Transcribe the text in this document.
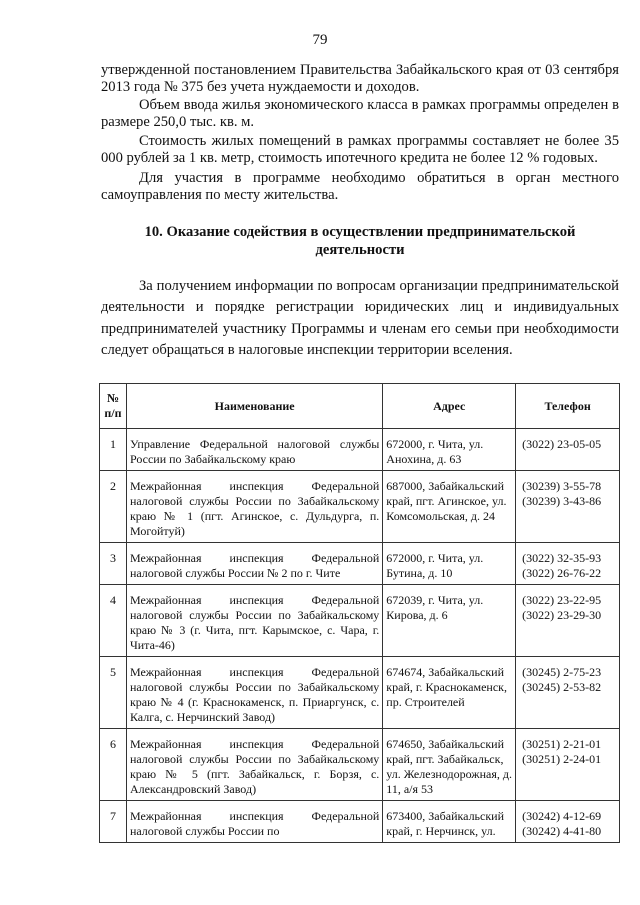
79

утвержденной постановлением Правительства Забайкальского края от 03 сентября 2013 года № 375 без учета нуждаемости и доходов.

Объем ввода жилья экономического класса в рамках программы определен в размере 250,0 тыс. кв. м.

Стоимость жилых помещений в рамках программы составляет не более 35 000 рублей за 1 кв. метр, стоимость ипотечного кредита не более 12 % годовых.

Для участия в программе необходимо обратиться в орган местного самоуправления по месту жительства.

10. Оказание содействия в осуществлении предпринимательской деятельности

За получением информации по вопросам организации предпринимательской деятельности и порядке регистрации юридических лиц и индивидуальных предпринимателей участнику Программы и членам его семьи при необходимости следует обращаться в налоговые инспекции территории вселения.

№
п/п	Наименование	Адрес	Телефон
1	Управление Федеральной налоговой службы России по Забайкальскому краю	672000, г. Чита, ул. Анохина, д. 63	(3022) 23-05-05
2	Межрайонная инспекция Федеральной налоговой службы России по Забайкальскому краю № 1 (пгт. Агинское, с. Дульдурга, п. Могойтуй)	687000, Забайкальский край, пгт. Агинское, ул. Комсомольская, д. 24	(30239) 3-55-78
(30239) 3-43-86
3	Межрайонная инспекция Федеральной налоговой службы России № 2 по г. Чите	672000, г. Чита, ул. Бутина, д. 10	(3022) 32-35-93
(3022) 26-76-22
4	Межрайонная инспекция Федеральной налоговой службы России по Забайкальскому краю № 3 (г. Чита, пгт. Карымское, с. Чара, г. Чита-46)	672039, г. Чита, ул. Кирова, д. 6	(3022) 23-22-95
(3022) 23-29-30
5	Межрайонная инспекция Федеральной налоговой службы России по Забайкальскому краю № 4 (г. Краснокаменск, п. Приаргунск, с. Калга, с. Нерчинский Завод)	674674, Забайкальский край, г. Краснокаменск, пр. Строителей	(30245) 2-75-23
(30245) 2-53-82
6	Межрайонная инспекция Федеральной налоговой службы России по Забайкальскому краю № 5 (пгт. Забайкальск, г. Борзя, с. Александровский Завод)	674650, Забайкальский край, пгт. Забайкальск, ул. Железнодорожная, д. 11, а/я 53	(30251) 2-21-01
(30251) 2-24-01
7	Межрайонная инспекция Федеральной налоговой службы России по	673400, Забайкальский край, г. Нерчинск, ул.	(30242) 4-12-69
(30242) 4-41-80
